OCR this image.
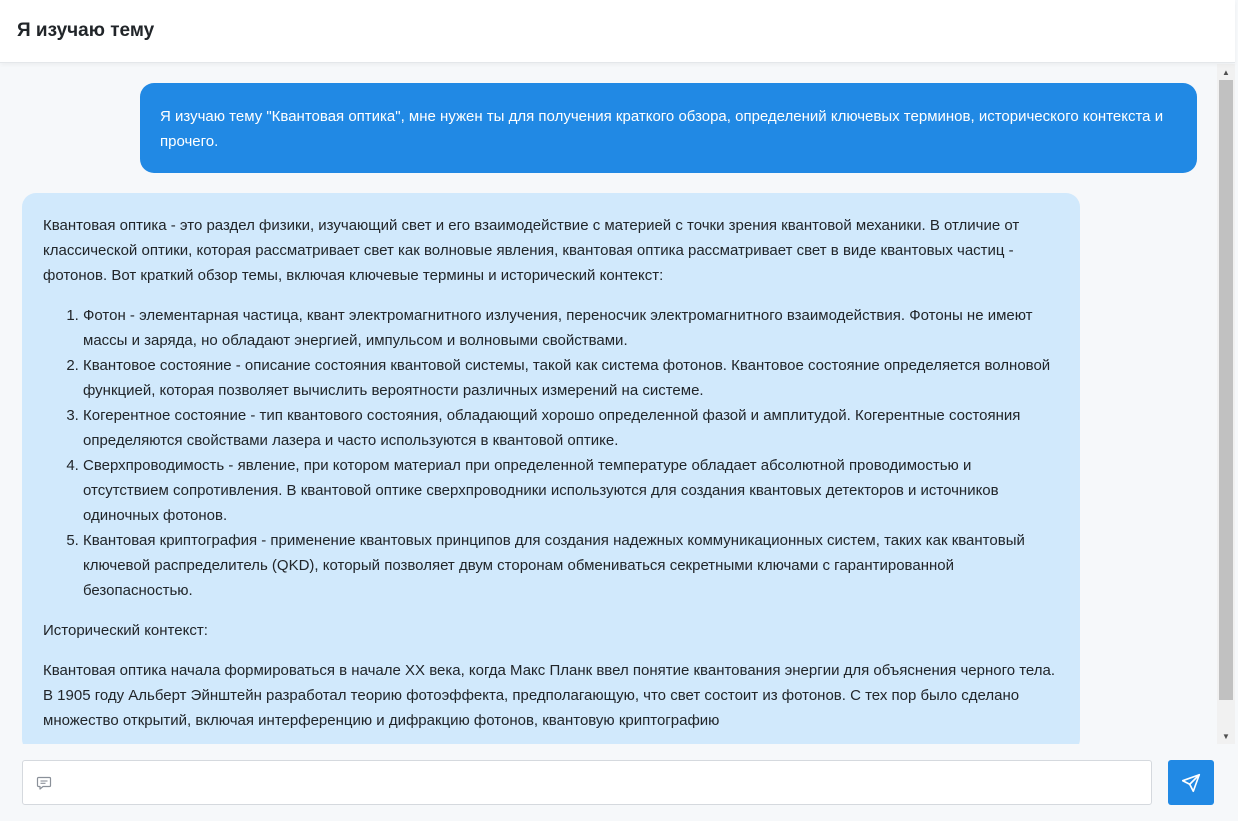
Я изучаю тему
Я изучаю тему "Квантовая оптика", мне нужен ты для получения краткого обзора, определений ключевых терминов, исторического контекста и прочего.

Квантовая оптика - это раздел физики, изучающий свет и его взаимодействие с материей с точки зрения квантовой механики. В отличие от классической оптики, которая рассматривает свет как волновые явления, квантовая оптика рассматривает свет в виде квантовых частиц - фотонов. Вот краткий обзор темы, включая ключевые термины и исторический контекст:

1. Фотон - элементарная частица, квант электромагнитного излучения, переносчик электромагнитного взаимодействия. Фотоны не имеют массы и заряда, но обладают энергией, импульсом и волновыми свойствами.
2. Квантовое состояние - описание состояния квантовой системы, такой как система фотонов. Квантовое состояние определяется волновой функцией, которая позволяет вычислить вероятности различных измерений на системе.
3. Когерентное состояние - тип квантового состояния, обладающий хорошо определенной фазой и амплитудой. Когерентные состояния определяются свойствами лазера и часто используются в квантовой оптике.
4. Сверхпроводимость - явление, при котором материал при определенной температуре обладает абсолютной проводимостью и отсутствием сопротивления. В квантовой оптике сверхпроводники используются для создания квантовых детекторов и источников одиночных фотонов.
5. Квантовая криптография - применение квантовых принципов для создания надежных коммуникационных систем, таких как квантовый ключевой распределитель (QKD), который позволяет двум сторонам обмениваться секретными ключами с гарантированной безопасностью.

Исторический контекст:

Квантовая оптика начала формироваться в начале XX века, когда Макс Планк ввел понятие квантования энергии для объяснения черного тела. В 1905 году Альберт Эйнштейн разработал теорию фотоэффекта, предполагающую, что свет состоит из фотонов. С тех пор было сделано множество открытий, включая интерференцию и дифракцию фотонов, квантовую криптографию

▲
▼
